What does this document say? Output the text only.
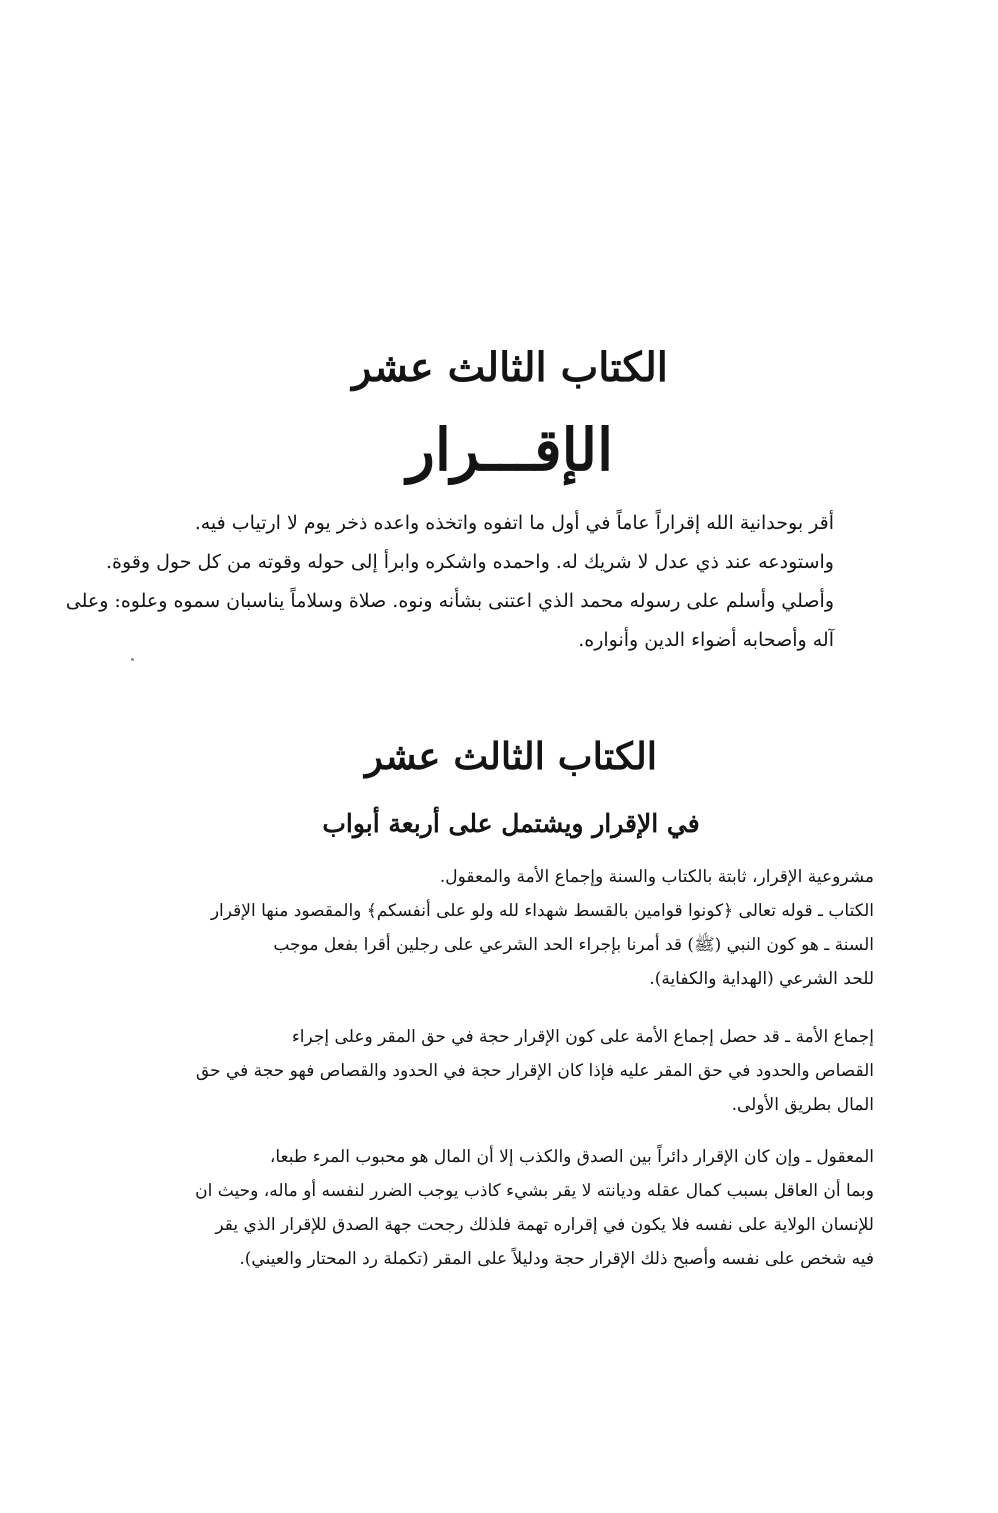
الكتاب الثالث عشر
الإقـــرار

أقر بوحدانية الله إقراراً عاماً في أول ما اتفوه واتخذه واعده ذخر يوم لا ارتياب فيه.
واستودعه عند ذي عدل لا شريك له. واحمده واشكره وابرأ إلى حوله وقوته من كل حول وقوة.
وأصلي وأسلم على رسوله محمد الذي اعتنى بشأنه ونوه. صلاة وسلاماً يناسبان سموه وعلوه: وعلى
آله وأصحابه أضواء الدين وأنواره.

الكتاب الثالث عشر
في الإقرار ويشتمل على أربعة أبواب

مشروعية الإقرار، ثابتة بالكتاب والسنة وإجماع الأمة والمعقول.
الكتاب ـ قوله تعالى ﴿كونوا قوامين بالقسط شهداء لله ولو على أنفسكم﴾ والمقصود منها الإقرار
السنة ـ هو كون النبي (ﷺ) قد أمرنا بإجراء الحد الشرعي على رجلين أقرا بفعل موجب
للحد الشرعي (الهداية والكفاية).

إجماع الأمة ـ قد حصل إجماع الأمة على كون الإقرار حجة في حق المقر وعلى إجراء
القصاص والحدود في حق المقر عليه فإذا كان الإقرار حجة في الحدود والقصاص فهو حجة في حق
المال بطريق الأولى.

المعقول ـ وإن كان الإقرار دائراً بين الصدق والكذب إلا أن المال هو محبوب المرء طبعا،
وبما أن العاقل بسبب كمال عقله وديانته لا يقر بشيء كاذب يوجب الضرر لنفسه أو ماله، وحيث ان
للإنسان الولاية على نفسه فلا يكون في إقراره تهمة فلذلك رجحت جهة الصدق للإقرار الذي يقر
فيه شخص على نفسه وأصبح ذلك الإقرار حجة ودليلاً على المقر (تكملة رد المحتار والعيني).
